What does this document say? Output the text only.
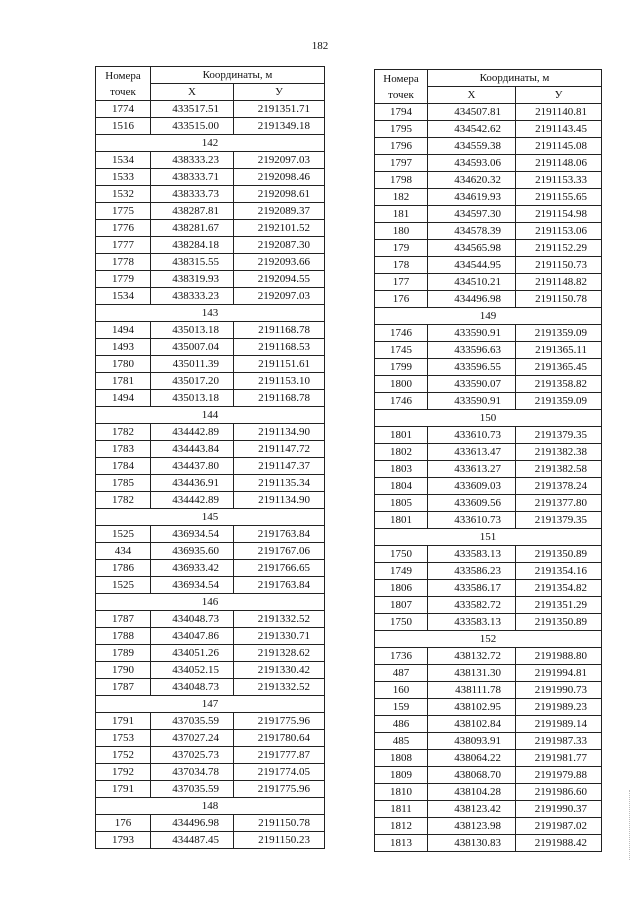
182
Номера точек	Координаты, м	
	X	У
1774	433517.51	2191351.71
1516	433515.00	2191349.18
142		
1534	438333.23	2192097.03
1533	438333.71	2192098.46
1532	438333.73	2192098.61
1775	438287.81	2192089.37
1776	438281.67	2192101.52
1777	438284.18	2192087.30
1778	438315.55	2192093.66
1779	438319.93	2192094.55
1534	438333.23	2192097.03
143		
1494	435013.18	2191168.78
1493	435007.04	2191168.53
1780	435011.39	2191151.61
1781	435017.20	2191153.10
1494	435013.18	2191168.78
144		
1782	434442.89	2191134.90
1783	434443.84	2191147.72
1784	434437.80	2191147.37
1785	434436.91	2191135.34
1782	434442.89	2191134.90
145		
1525	436934.54	2191763.84
434	436935.60	2191767.06
1786	436933.42	2191766.65
1525	436934.54	2191763.84
146		
1787	434048.73	2191332.52
1788	434047.86	2191330.71
1789	434051.26	2191328.62
1790	434052.15	2191330.42
1787	434048.73	2191332.52
147		
1791	437035.59	2191775.96
1753	437027.24	2191780.64
1752	437025.73	2191777.87
1792	437034.78	2191774.05
1791	437035.59	2191775.96
148		
176	434496.98	2191150.78
1793	434487.45	2191150.23
Номера точек	Координаты, м	
	X	У
1794	434507.81	2191140.81
1795	434542.62	2191143.45
1796	434559.38	2191145.08
1797	434593.06	2191148.06
1798	434620.32	2191153.33
182	434619.93	2191155.65
181	434597.30	2191154.98
180	434578.39	2191153.06
179	434565.98	2191152.29
178	434544.95	2191150.73
177	434510.21	2191148.82
176	434496.98	2191150.78
149		
1746	433590.91	2191359.09
1745	433596.63	2191365.11
1799	433596.55	2191365.45
1800	433590.07	2191358.82
1746	433590.91	2191359.09
150		
1801	433610.73	2191379.35
1802	433613.47	2191382.38
1803	433613.27	2191382.58
1804	433609.03	2191378.24
1805	433609.56	2191377.80
1801	433610.73	2191379.35
151		
1750	433583.13	2191350.89
1749	433586.23	2191354.16
1806	433586.17	2191354.82
1807	433582.72	2191351.29
1750	433583.13	2191350.89
152		
1736	438132.72	2191988.80
487	438131.30	2191994.81
160	438111.78	2191990.73
159	438102.95	2191989.23
486	438102.84	2191989.14
485	438093.91	2191987.33
1808	438064.22	2191981.77
1809	438068.70	2191979.88
1810	438104.28	2191986.60
1811	438123.42	2191990.37
1812	438123.98	2191987.02
1813	438130.83	2191988.42
